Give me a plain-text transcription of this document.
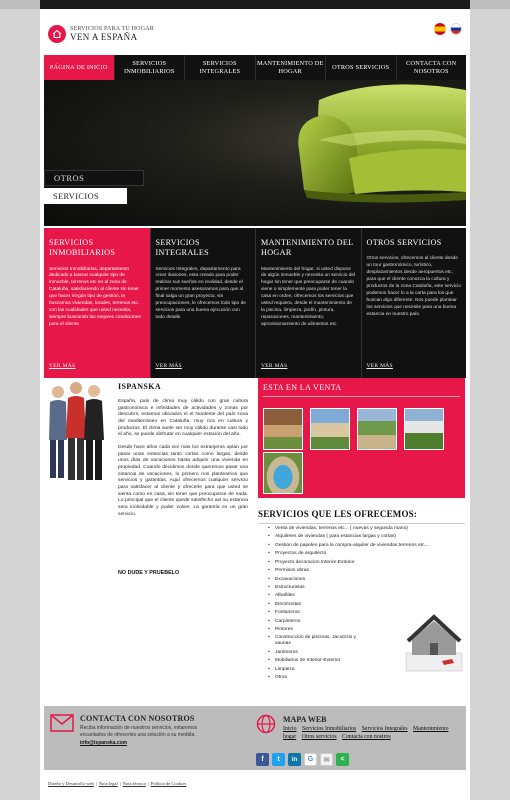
SERVICIOS PARA TU HOGAR
VEN A ESPAÑA
PÁGINA DE INICIO
SERVICIOS INMOBILIARIOS
SERVICIOS INTEGRALES
MANTENIMIENTO DE HOGAR
OTROS SERVICIOS
CONTACTA CON NOSOTROS
OTROS
SERVICIOS
SERVICIOS INMOBILIARIOS

Servicios Inmobiliarios, departamento dedicado a buscar cualquier tipo de inmueble, terrenos etc en al zona de Cataluña, satisfaciendo al cliente sin tener que hacer ningún tipo de gestión, le buscamos viviendas, locales, terrenos etc, con las cualidades que usted necesita, siempre buscando las mejores condiciones para el cliente

VER MÁS
SERVICIOS INTEGRALES

Servicios Integrales, departamento para crear ilusiones, esta creado para poder realizar sus sueños en realidad, desde el primer momento asesoramos para que al final salga un gran proyecto, sin preocupaciones, le ofrecemos todo tipo de servicios para una buena ejecución con todo detalle.

VER MÁS
MANTENIMIENTO DEL HOGAR

Mantenimiento del hogar, si usted dispone de algún inmueble y necesita un servicio del hogar sin tener que preocuparse de cuando viene o simplemente para poder tener la casa en orden, ofrecemos los servicios que usted requiera, desde el mantenimiento de la piscina, limpieza, jardín, pintura, reparaciones, mantenimiento, aprovisionamiento de alimentos etc.

VER MÁS
OTROS SERVICIOS

Otros servicios, ofrecemos al cliente desde un tour gastronómico, turístico, desplazamientos desde aeropuertos etc, para que el cliente conozca la cultura y productos de la zona Cataluña, este servicio podemos hacer lo a la carta para los que buscan algo diferente. Nos puede plantear los servicios que necesite para una buena estancia en nuestro país.

VER MÁS
ISPANSKA

España, país de clima muy cálido con gran cultura gastronómica e infinidades de actividades y zonas por descubrir, estamos ubicados el el Nordeste del país zona del mediterráneo en Cataluña, muy rica en cultura y productos. El clima suele ser muy cálido durante casi todo el año, se puede disfrutar en cualquier estación del año.

Desde hace años cada vez mas los extranjeros optan por pasar unas estancias tanto cortas como largas, desde unos días de vacaciones hasta adquirir una vivienda en propiedad. Cuando decidimos donde queremos pasar una estancia de vacaciones, lo primero nos planteamos que servicios y garantías. Aquí ofrecemos cualquier servicio para satisfacer al cliente y ofrecerle para que usted se sienta como en casa, sin tener que preocuparse de nada. Lo principal que el cliente quede satisfecho así su estancia sera inolvidable y poder volver. La garantía es un gran servicio.

NO DUDE Y PRUEBELO
ESTA EN LA VENTA
SERVICIOS QUE LES OFRECEMOS:
• Venta de viviendas, terrenos etc... ( nuevas y segunda mano)
• Alquileres de viviendas ( para estancias largas y cortas)
• Gestion de papeleo para la compra-alquiler de viviendas,terrenos etc....
• Proyectos de arquitecto
• Proyecto decoracion Interior-Exterior
• Permisos obras
• Excavaciones
• Estructuristas
• Albañiles
• Electricistas
• Fontaneros
• Carpinteros
• Pintores
• Construccion de piscinas, Jacutzzis y saunas
• Jardineros
• Mobiliarios de Interior-Exterior
• Limpieza
• Otros
CONTACTA CON NOSOTROS
Reciba información de nuestros servicios, estaremos encantados de ofrecerles una solución a su medida.
info@ispanska.com
MAPA WEB
Inicio Servicios Inmobiliarios Servicios Integrales Mantenimiento hogar Otros servicios Contacta con nostros
f t in G ✉ <
Diseño y Desarrollo web | Nota legal | Nota técnica | Política de Cookies
